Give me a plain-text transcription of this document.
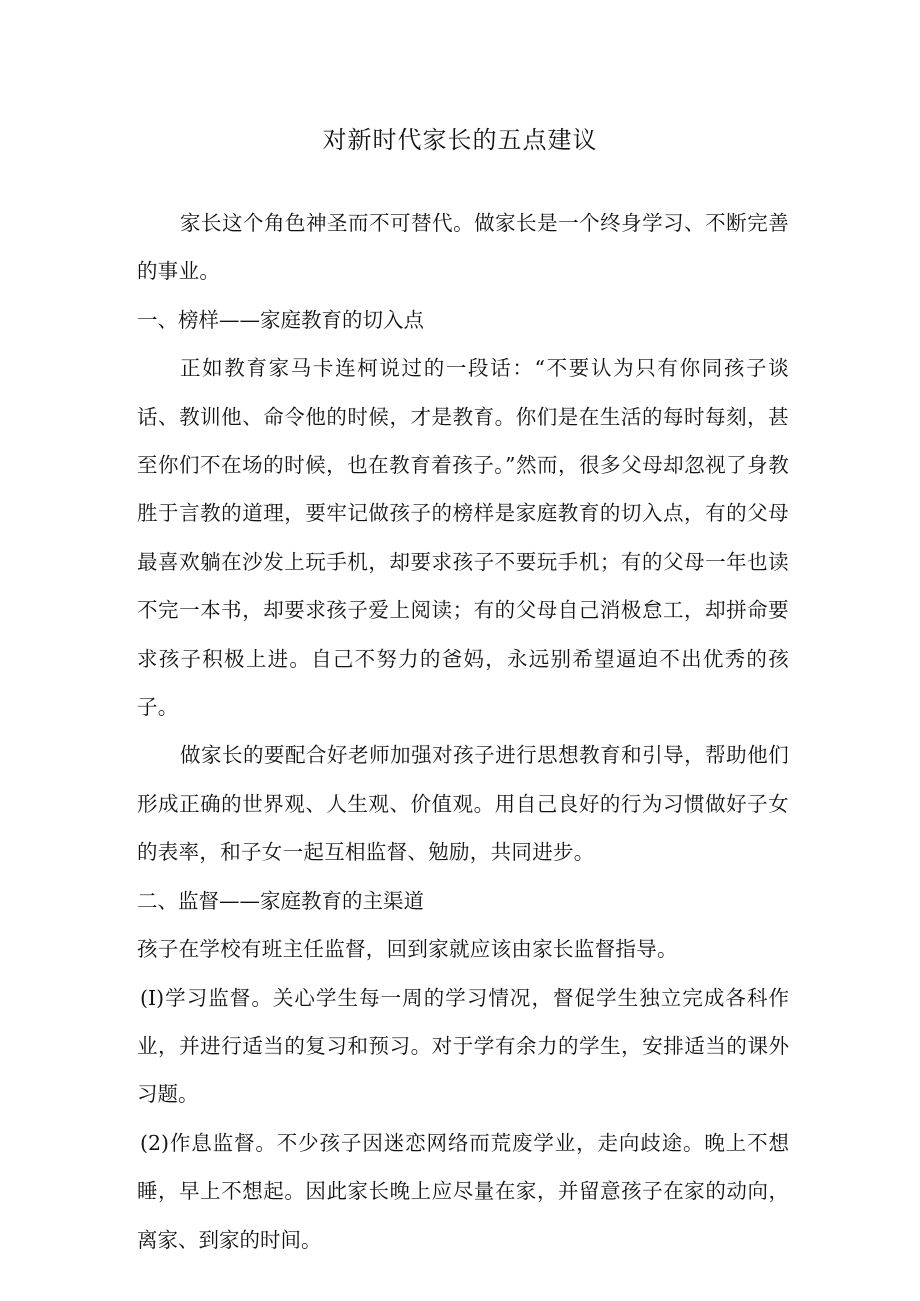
对新时代家长的五点建议

家长这个角色神圣而不可替代。做家长是一个终身学习、不断完善的事业。

一、榜样——家庭教育的切入点

正如教育家马卡连柯说过的一段话：“不要认为只有你同孩子谈话、教训他、命令他的时候，才是教育。你们是在生活的每时每刻，甚至你们不在场的时候，也在教育着孩子。”然而，很多父母却忽视了身教胜于言教的道理，要牢记做孩子的榜样是家庭教育的切入点，有的父母最喜欢躺在沙发上玩手机，却要求孩子不要玩手机；有的父母一年也读不完一本书，却要求孩子爱上阅读；有的父母自己消极怠工，却拼命要求孩子积极上进。自己不努力的爸妈，永远别希望逼迫不出优秀的孩子。

做家长的要配合好老师加强对孩子进行思想教育和引导，帮助他们形成正确的世界观、人生观、价值观。用自己良好的行为习惯做好子女的表率，和子女一起互相监督、勉励，共同进步。

二、监督——家庭教育的主渠道

孩子在学校有班主任监督，回到家就应该由家长监督指导。

(I)学习监督。关心学生每一周的学习情况，督促学生独立完成各科作业，并进行适当的复习和预习。对于学有余力的学生，安排适当的课外习题。

(2)作息监督。不少孩子因迷恋网络而荒废学业，走向歧途。晚上不想睡，早上不想起。因此家长晚上应尽量在家，并留意孩子在家的动向，离家、到家的时间。
